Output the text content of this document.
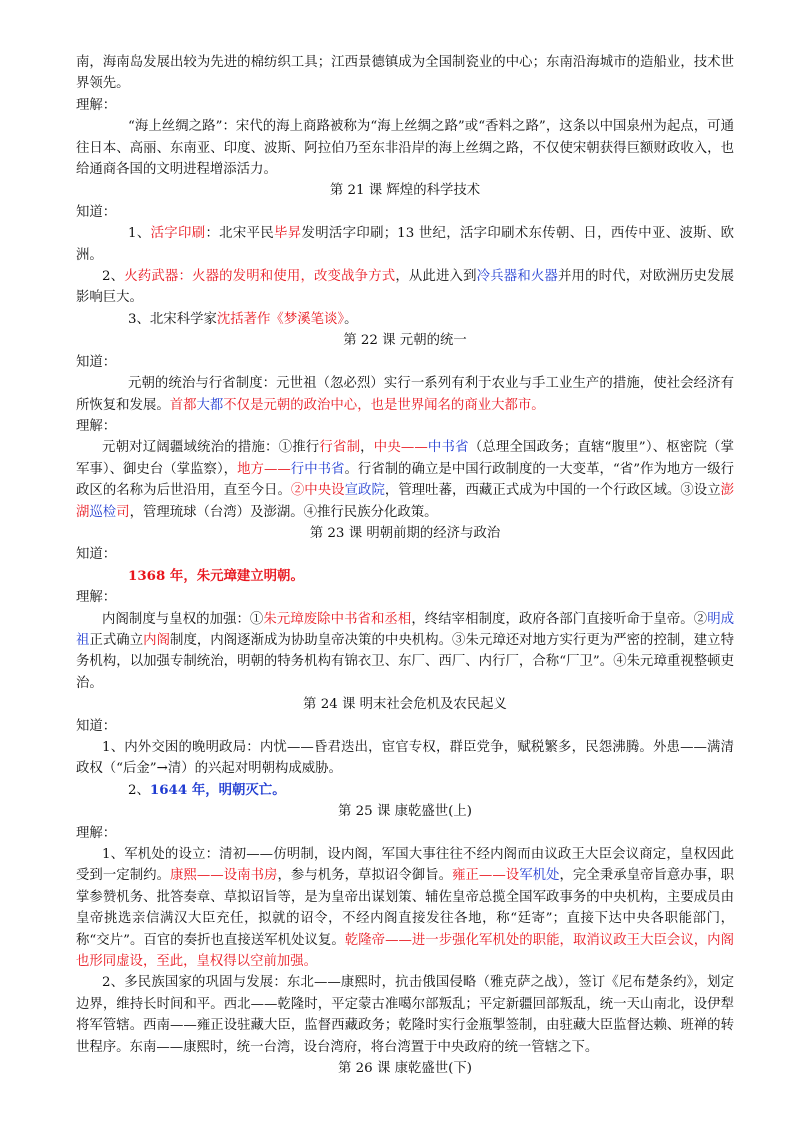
南，海南岛发展出较为先进的棉纺织工具；江西景德镇成为全国制瓷业的中心；东南沿海城市的造船业，技术世界领先。

理解：

“海上丝绸之路”：宋代的海上商路被称为“海上丝绸之路”或“香料之路”，这条以中国泉州为起点，可通往日本、高丽、东南亚、印度、波斯、阿拉伯乃至东非沿岸的海上丝绸之路，不仅使宋朝获得巨额财政收入，也给通商各国的文明进程增添活力。

第 21 课 辉煌的科学技术

知道：

1、活字印刷：北宋平民毕昇发明活字印刷；13 世纪，活字印刷术东传朝、日，西传中亚、波斯、欧洲。

2、火药武器：火器的发明和使用，改变战争方式，从此进入到冷兵器和火器并用的时代，对欧洲历史发展影响巨大。

3、北宋科学家沈括著作《梦溪笔谈》。

第 22 课 元朝的统一

知道：

元朝的统治与行省制度：元世祖（忽必烈）实行一系列有利于农业与手工业生产的措施，使社会经济有所恢复和发展。首都大都不仅是元朝的政治中心，也是世界闻名的商业大都市。

理解：

元朝对辽阔疆域统治的措施：①推行行省制，中央——中书省（总理全国政务；直辖“腹里”）、枢密院（掌军事）、御史台（掌监察），地方——行中书省。行省制的确立是中国行政制度的一大变革，“省”作为地方一级行政区的名称为后世沿用，直至今日。②中央设宣政院，管理吐蕃，西藏正式成为中国的一个行政区域。③设立澎湖巡检司，管理琉球（台湾）及澎湖。④推行民族分化政策。

第 23 课 明朝前期的经济与政治

知道：

1368 年，朱元璋建立明朝。

理解：

内阁制度与皇权的加强：①朱元璋废除中书省和丞相，终结宰相制度，政府各部门直接听命于皇帝。②明成祖正式确立内阁制度，内阁逐渐成为协助皇帝决策的中央机构。③朱元璋还对地方实行更为严密的控制，建立特务机构，以加强专制统治，明朝的特务机构有锦衣卫、东厂、西厂、内行厂，合称“厂卫”。④朱元璋重视整顿吏治。

第 24 课 明末社会危机及农民起义

知道：

1、内外交困的晚明政局：内忧——昏君迭出，宦官专权，群臣党争，赋税繁多，民怨沸腾。外患——满清政权（“后金”→清）的兴起对明朝构成威胁。

2、1644 年，明朝灭亡。

第 25 课 康乾盛世(上)

理解：

1、军机处的设立：清初——仿明制，设内阁，军国大事往往不经内阁而由议政王大臣会议商定，皇权因此受到一定制约。康熙——设南书房，参与机务，草拟诏令御旨。雍正——设军机处，完全秉承皇帝旨意办事，职掌参赞机务、批答奏章、草拟诏旨等，是为皇帝出谋划策、辅佐皇帝总揽全国军政事务的中央机构，主要成员由皇帝挑选亲信满汉大臣充任，拟就的诏令，不经内阁直接发往各地，称“廷寄”；直接下达中央各职能部门，称“交片”。百官的奏折也直接送军机处议复。乾隆帝——进一步强化军机处的职能，取消议政王大臣会议，内阁也形同虚设，至此，皇权得以空前加强。

2、多民族国家的巩固与发展：东北——康熙时，抗击俄国侵略（雅克萨之战），签订《尼布楚条约》，划定边界，维持长时间和平。西北——乾隆时，平定蒙古准噶尔部叛乱；平定新疆回部叛乱，统一天山南北，设伊犁将军管辖。西南——雍正设驻藏大臣，监督西藏政务；乾隆时实行金瓶掣签制，由驻藏大臣监督达赖、班禅的转世程序。东南——康熙时，统一台湾，设台湾府，将台湾置于中央政府的统一管辖之下。

第 26 课 康乾盛世(下)
